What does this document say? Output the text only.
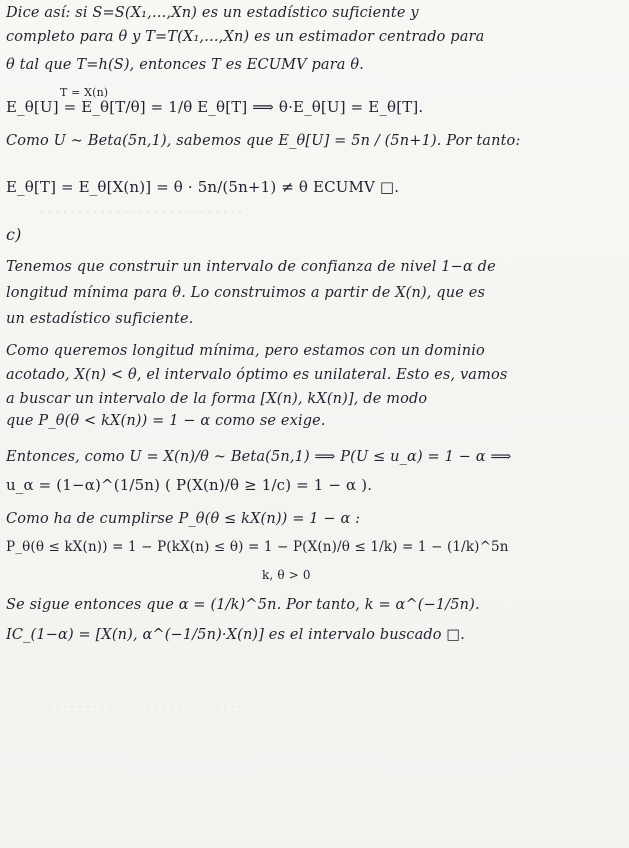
· · · · · · · · · · · · · · · · · · · · · · · · · · ·
· · · · · · · · · · · · · · · · · · · · · · · · · · ·
Dice así: si S=S(X₁,…,Xn) es un estadístico suficiente y
completo para θ y T=T(X₁,…,Xn) es un estimador centrado para
θ tal que T=h(S), entonces T es ECUMV para θ.
T = X(n)
E_θ[U] = E_θ[T/θ] = 1/θ E_θ[T] ⟹ θ·E_θ[U] = E_θ[T].
Como U ~ Beta(5n,1), sabemos que E_θ[U] = 5n / (5n+1). Por tanto:
E_θ[T] = E_θ[X(n)] = θ · 5n/(5n+1) ≠ θ ECUMV □.
c)
Tenemos que construir un intervalo de confianza de nivel 1−α de
longitud mínima para θ. Lo construimos a partir de X(n), que es
un estadístico suficiente.
Como queremos longitud mínima, pero estamos con un dominio
acotado, X(n) < θ, el intervalo óptimo es unilateral. Esto es, vamos
a buscar un intervalo de la forma [X(n), kX(n)], de modo
que P_θ(θ < kX(n)) = 1 − α como se exige.
Entonces, como U = X(n)/θ ~ Beta(5n,1) ⟹ P(U ≤ u_α) = 1 − α ⟹
u_α = (1−α)^(1/5n) ( P(X(n)/θ ≥ 1/c) = 1 − α ).
Como ha de cumplirse P_θ(θ ≤ kX(n)) = 1 − α :
P_θ(θ ≤ kX(n)) = 1 − P(kX(n) ≤ θ) = 1 − P(X(n)/θ ≤ 1/k) = 1 − (1/k)^5n
k, θ > 0
Se sigue entonces que α = (1/k)^5n. Por tanto, k = α^(−1/5n).
IC_(1−α) = [X(n), α^(−1/5n)·X(n)] es el intervalo buscado □.
